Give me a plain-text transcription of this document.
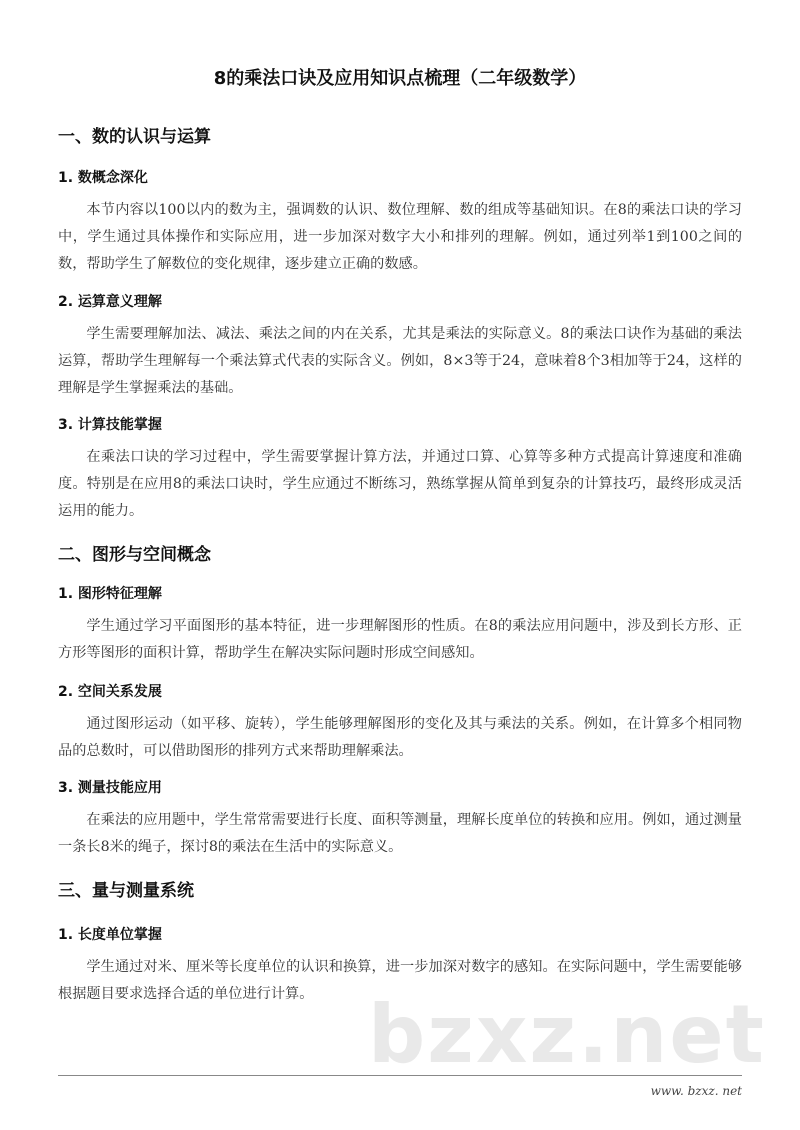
8的乘法口诀及应用知识点梳理（二年级数学）
一、数的认识与运算
1. 数概念深化
本节内容以100以内的数为主，强调数的认识、数位理解、数的组成等基础知识。在8的乘法口诀的学习中，学生通过具体操作和实际应用，进一步加深对数字大小和排列的理解。例如，通过列举1到100之间的数，帮助学生了解数位的变化规律，逐步建立正确的数感。
2. 运算意义理解
学生需要理解加法、减法、乘法之间的内在关系，尤其是乘法的实际意义。8的乘法口诀作为基础的乘法运算，帮助学生理解每一个乘法算式代表的实际含义。例如，8×3等于24，意味着8个3相加等于24，这样的理解是学生掌握乘法的基础。
3. 计算技能掌握
在乘法口诀的学习过程中，学生需要掌握计算方法，并通过口算、心算等多种方式提高计算速度和准确度。特别是在应用8的乘法口诀时，学生应通过不断练习，熟练掌握从简单到复杂的计算技巧，最终形成灵活运用的能力。
二、图形与空间概念
1. 图形特征理解
学生通过学习平面图形的基本特征，进一步理解图形的性质。在8的乘法应用问题中，涉及到长方形、正方形等图形的面积计算，帮助学生在解决实际问题时形成空间感知。
2. 空间关系发展
通过图形运动（如平移、旋转），学生能够理解图形的变化及其与乘法的关系。例如，在计算多个相同物品的总数时，可以借助图形的排列方式来帮助理解乘法。
3. 测量技能应用
在乘法的应用题中，学生常常需要进行长度、面积等测量，理解长度单位的转换和应用。例如，通过测量一条长8米的绳子，探讨8的乘法在生活中的实际意义。
三、量与测量系统
1. 长度单位掌握
学生通过对米、厘米等长度单位的认识和换算，进一步加深对数字的感知。在实际问题中，学生需要能够根据题目要求选择合适的单位进行计算。 bzxz.net
www. bzxz. net
